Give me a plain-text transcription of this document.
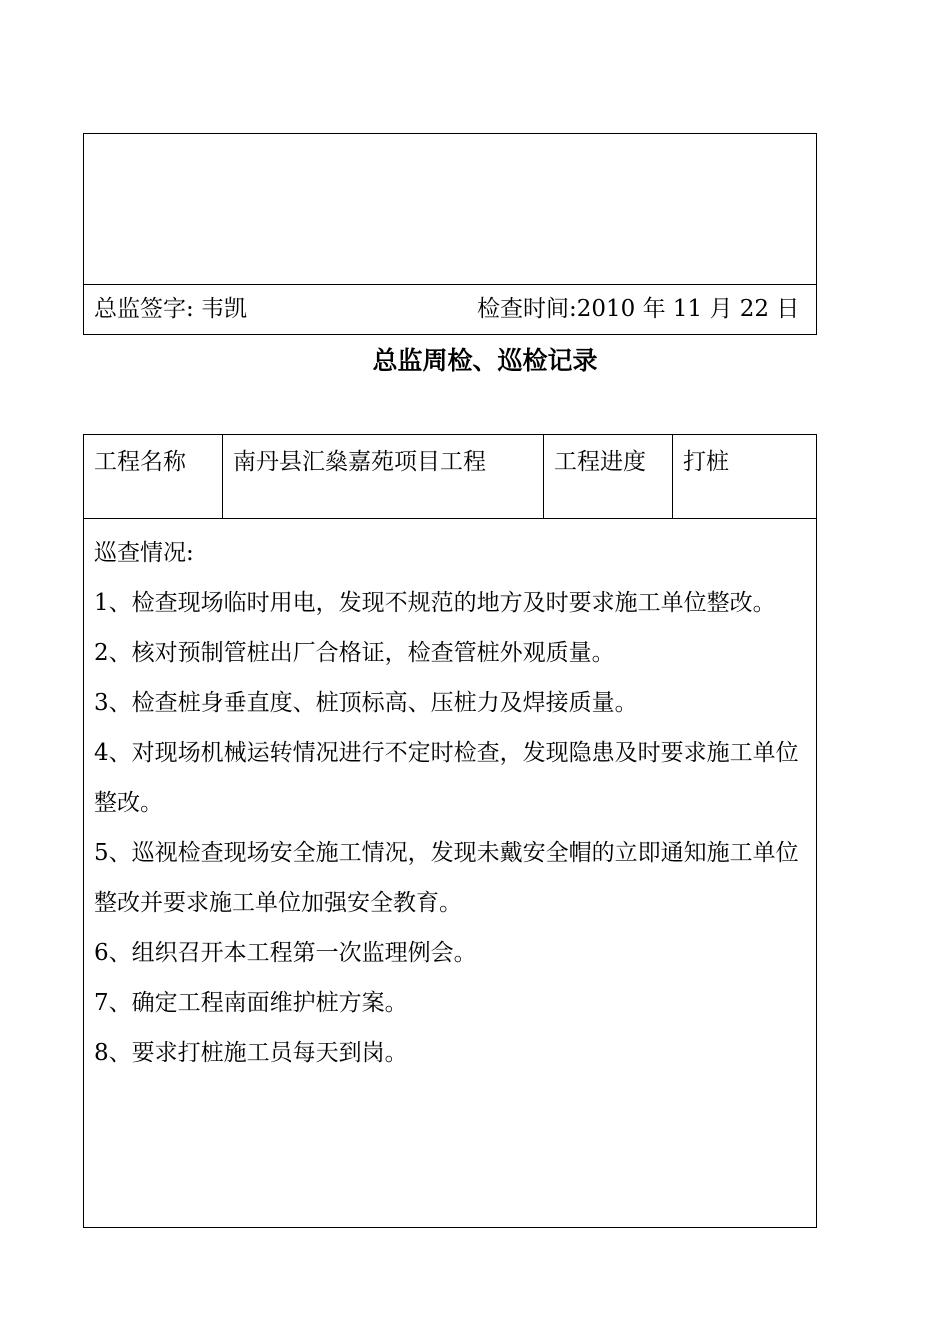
总监签字: 韦凯	检查时间:2010 年 11 月 22 日
总监周检、巡检记录
工程名称 南丹县汇燊嘉苑项目工程	工程进度 打桩

巡查情况:

1、检查现场临时用电，发现不规范的地方及时要求施工单位整改。

2、核对预制管桩出厂合格证，检查管桩外观质量。

3、检查桩身垂直度、桩顶标高、压桩力及焊接质量。

4、对现场机械运转情况进行不定时检查，发现隐患及时要求施工单位整改。

5、巡视检查现场安全施工情况，发现未戴安全帽的立即通知施工单位整改并要求施工单位加强安全教育。

6、组织召开本工程第一次监理例会。

7、确定工程南面维护桩方案。

8、要求打桩施工员每天到岗。
